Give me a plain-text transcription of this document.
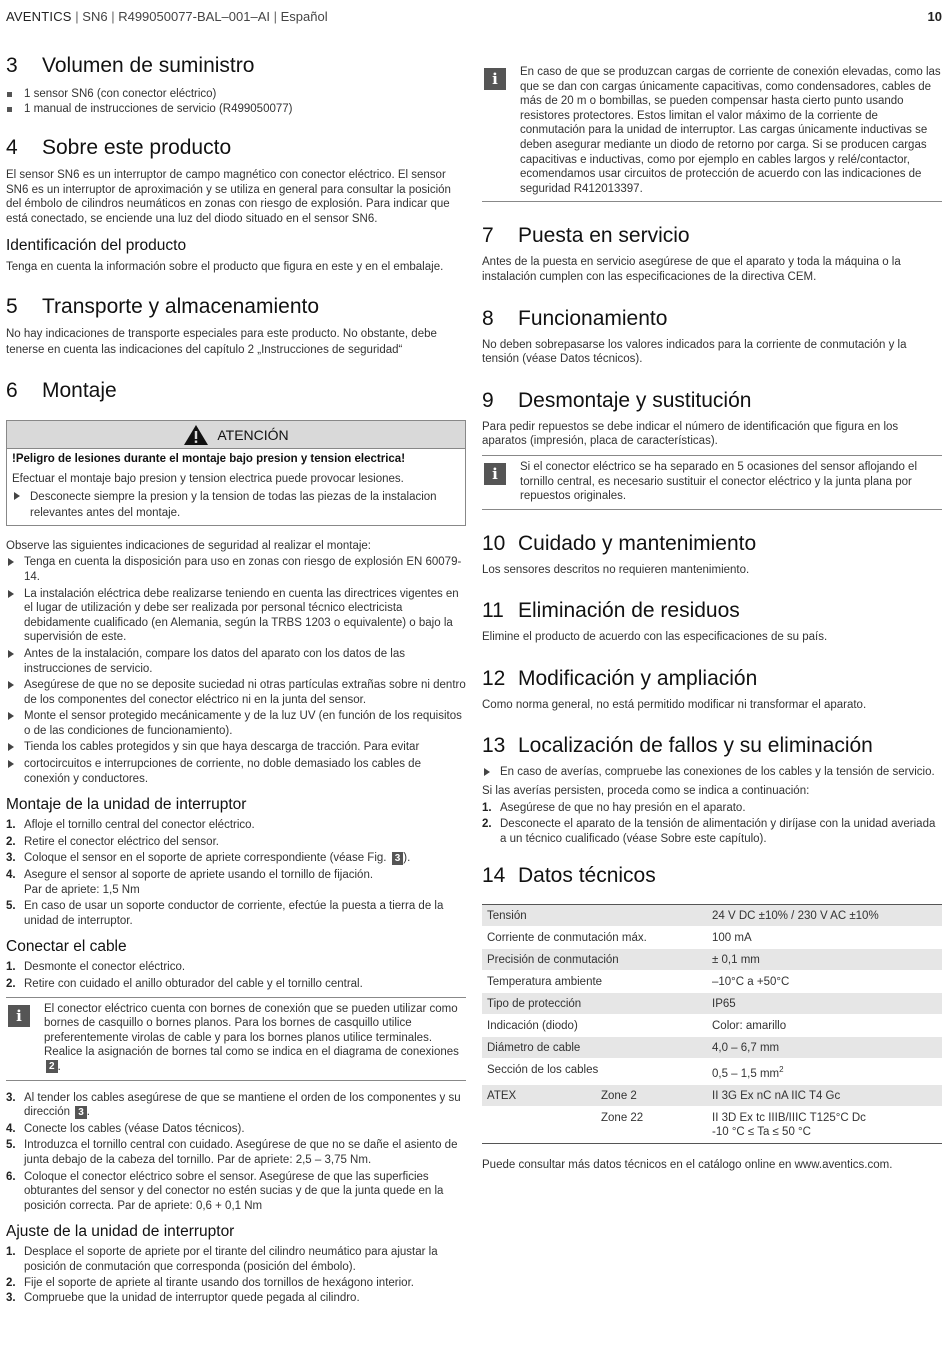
AVENTICS | SN6 | R499050077-BAL–001–AI | Español	10
3	Volumen de suministro
1 sensor SN6 (con conector eléctrico)
1 manual de instrucciones de servicio (R499050077)
4	Sobre este producto

El sensor SN6 es un interruptor de campo magnético con conector eléctrico. El sensor SN6 es un interruptor de aproximación y se utiliza en general para consultar la posición del émbolo de cilindros neumáticos en zonas con riesgo de explosión. Para indicar que está conectado, se enciende una luz del diodo situado en el sensor SN6.

Identificación del producto

Tenga en cuenta la información sobre el producto que figura en este y en el embalaje.

5	Transporte y almacenamiento

No hay indicaciones de transporte especiales para este producto. No obstante, debe tenerse en cuenta las indicaciones del capítulo 2 „Instrucciones de seguridad“

6	Montaje
ATENCIÓN
!Peligro de lesiones durante el montaje bajo presion y tension electrica!

Efectuar el montaje bajo presion y tension electrica puede provocar lesiones.

Desconecte siempre la presion y la tension de todas las piezas de la instalacion relevantes antes del montaje.

Observe las siguientes indicaciones de seguridad al realizar el montaje:

Tenga en cuenta la disposición para uso en zonas con riesgo de explosión EN 60079-14.
La instalación eléctrica debe realizarse teniendo en cuenta las directrices vigentes en el lugar de utilización y debe ser realizada por personal técnico electricista debidamente cualificado (en Alemania, según la TRBS 1203 o equivalente) o bajo la supervisión de este.
Antes de la instalación, compare los datos del aparato con los datos de las instrucciones de servicio.
Asegúrese de que no se deposite suciedad ni otras partículas extrañas sobre ni dentro de los componentes del conector eléctrico ni en la junta del sensor.
Monte el sensor protegido mecánicamente y de la luz UV (en función de los requisitos o de las condiciones de funcionamiento).
Tienda los cables protegidos y sin que haya descarga de tracción. Para evitar
cortocircuitos e interrupciones de corriente, no doble demasiado los cables de conexión y conductores.
Montaje de la unidad de interruptor
1. Afloje el tornillo central del conector eléctrico.
2. Retire el conector eléctrico del sensor.
3. Coloque el sensor en el soporte de apriete correspondiente (véase Fig. 3 ).
4. Asegure el sensor al soporte de apriete usando el tornillo de fijación.
Par de apriete: 1,5 Nm
5. En caso de usar un soporte conductor de corriente, efectúe la puesta a tierra de la unidad de interruptor.
Conectar el cable
1. Desmonte el conector eléctrico.
2. Retire con cuidado el anillo obturador del cable y el tornillo central.
i	El conector eléctrico cuenta con bornes de conexión que se pueden utilizar como bornes de casquillo o bornes planos. Para los bornes de casquillo utilice preferentemente virolas de cable y para los bornes planos utilice terminales. Realice la asignación de bornes tal como se indica en el diagrama de conexiones 2 .

3. Al tender los cables asegúrese de que se mantiene el orden de los componentes y su dirección 3 .
4. Conecte los cables (véase Datos técnicos).
5. Introduzca el tornillo central con cuidado. Asegúrese de que no se dañe el asiento de junta debajo de la cabeza del tornillo. Par de apriete: 2,5 – 3,75 Nm.
6. Coloque el conector eléctrico sobre el sensor. Asegúrese de que las superficies obturantes del sensor y del conector no estén sucias y de que la junta quede en la posición correcta. Par de apriete: 0,6 + 0,1 Nm
Ajuste de la unidad de interruptor
1. Desplace el soporte de apriete por el tirante del cilindro neumático para ajustar la posición de conmutación que corresponda (posición del émbolo).
2. Fije el soporte de apriete al tirante usando dos tornillos de hexágono interior.
3. Compruebe que la unidad de interruptor quede pegada al cilindro.
i	En caso de que se produzcan cargas de corriente de conexión elevadas, como las que se dan con cargas únicamente capacitivas, como condensadores, cables de más de 20 m o bombillas, se pueden compensar hasta cierto punto usando resistores protectores. Estos limitan el valor máximo de la corriente de conmutación para la unidad de interruptor. Las cargas únicamente inductivas se deben asegurar mediante un diodo de retorno por carga. Si se producen cargas capacitivas e inductivas, como por ejemplo en cables largos y relé/contactor, ecomendamos usar circuitos de protección de acuerdo con las indicaciones de seguridad R412013397.

7	Puesta en servicio

Antes de la puesta en servicio asegúrese de que el aparato y toda la máquina o la instalación cumplen con las especificaciones de la directiva CEM.

8	Funcionamiento

No deben sobrepasarse los valores indicados para la corriente de conmutación y la tensión (véase Datos técnicos).

9	Desmontaje y sustitución

Para pedir repuestos se debe indicar el número de identificación que figura en los aparatos (impresión, placa de características).

i	Si el conector eléctrico se ha separado en 5 ocasiones del sensor aflojando el tornillo central, es necesario sustituir el conector eléctrico y la junta plana por repuestos originales.

10 Cuidado y mantenimiento

Los sensores descritos no requieren mantenimiento.

11 Eliminación de residuos

Elimine el producto de acuerdo con las especificaciones de su país.

12 Modificación y ampliación

Como norma general, no está permitido modificar ni transformar el aparato.

13 Localización de fallos y su eliminación
En caso de averías, compruebe las conexiones de los cables y la tensión de servicio.

Si las averías persisten, proceda como se indica a continuación:

1. Asegúrese de que no hay presión en el aparato.
2. Desconecte el aparato de la tensión de alimentación y diríjase con la unidad averiada a un técnico cualificado (véase Sobre este capítulo).
14 Datos técnicos
Tensión		24 V DC ±10% / 230 V AC ±10%
Corriente de conmutación máx.		100 mA
Precisión de conmutación		± 0,1 mm
Temperatura ambiente		–10°C a +50°C
Tipo de protección		IP65
Indicación (diodo)		Color: amarillo
Diámetro de cable		4,0 – 6,7 mm
Sección de los cables		0,5 – 1,5 $mm^2$
ATEX	Zone 2	II 3G Ex nC nA IIC T4 Gc
	Zone 22	II 3D Ex tc IIIB/IIIC T125°C Dc
-10 °C ≤ Ta ≤ 50 °C

Puede consultar más datos técnicos en el catálogo online en www.aventics.com.
